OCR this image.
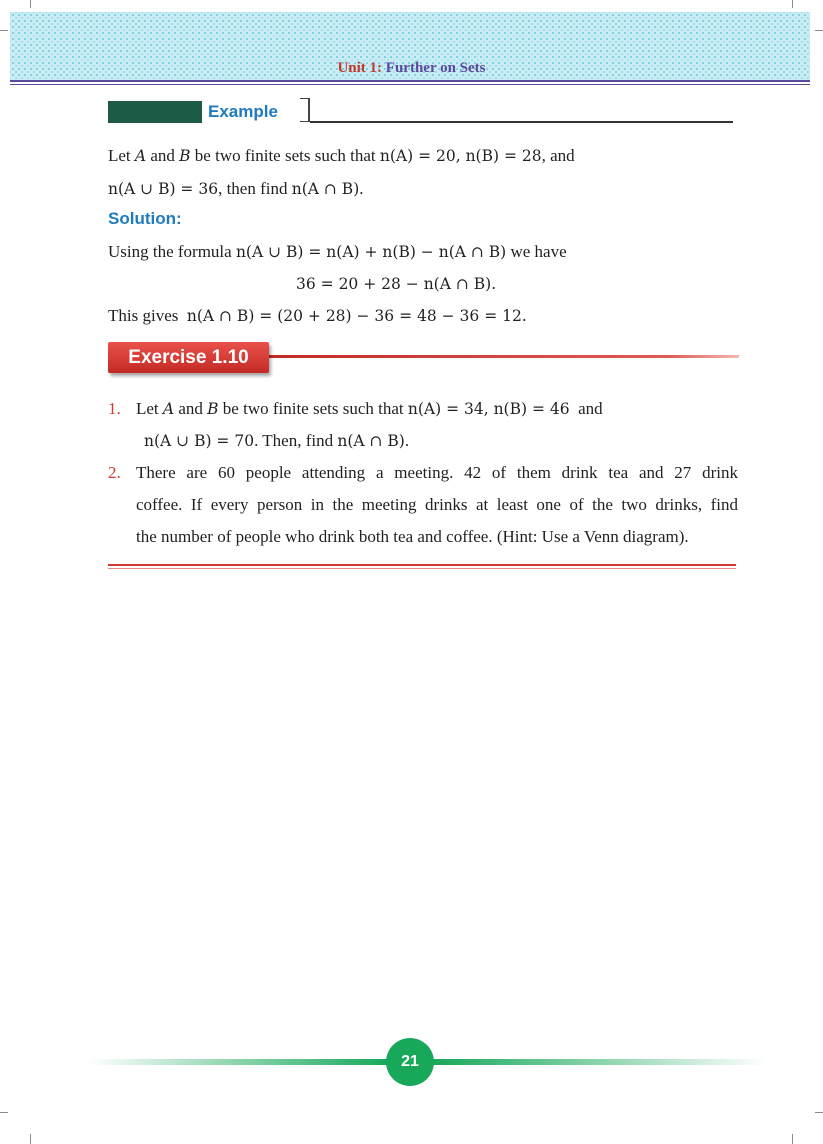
Unit 1: Further on Sets
Example
Let A and B be two finite sets such that n(A) = 20, n(B) = 28, and
n(A ∪ B) = 36, then find n(A ∩ B).
Solution:
Using the formula n(A ∪ B) = n(A) + n(B) − n(A ∩ B) we have
36 = 20 + 28 − n(A ∩ B).
This gives n(A ∩ B) = (20 + 28) − 36 = 48 − 36 = 12.
Exercise 1.10
1. Let A and B be two finite sets such that n(A) = 34, n(B) = 46 and
n(A ∪ B) = 70. Then, find n(A ∩ B).
2. There are 60 people attending a meeting. 42 of them drink tea and 27 drink
coffee. If every person in the meeting drinks at least one of the two drinks, find
the number of people who drink both tea and coffee. (Hint: Use a Venn diagram).
21
